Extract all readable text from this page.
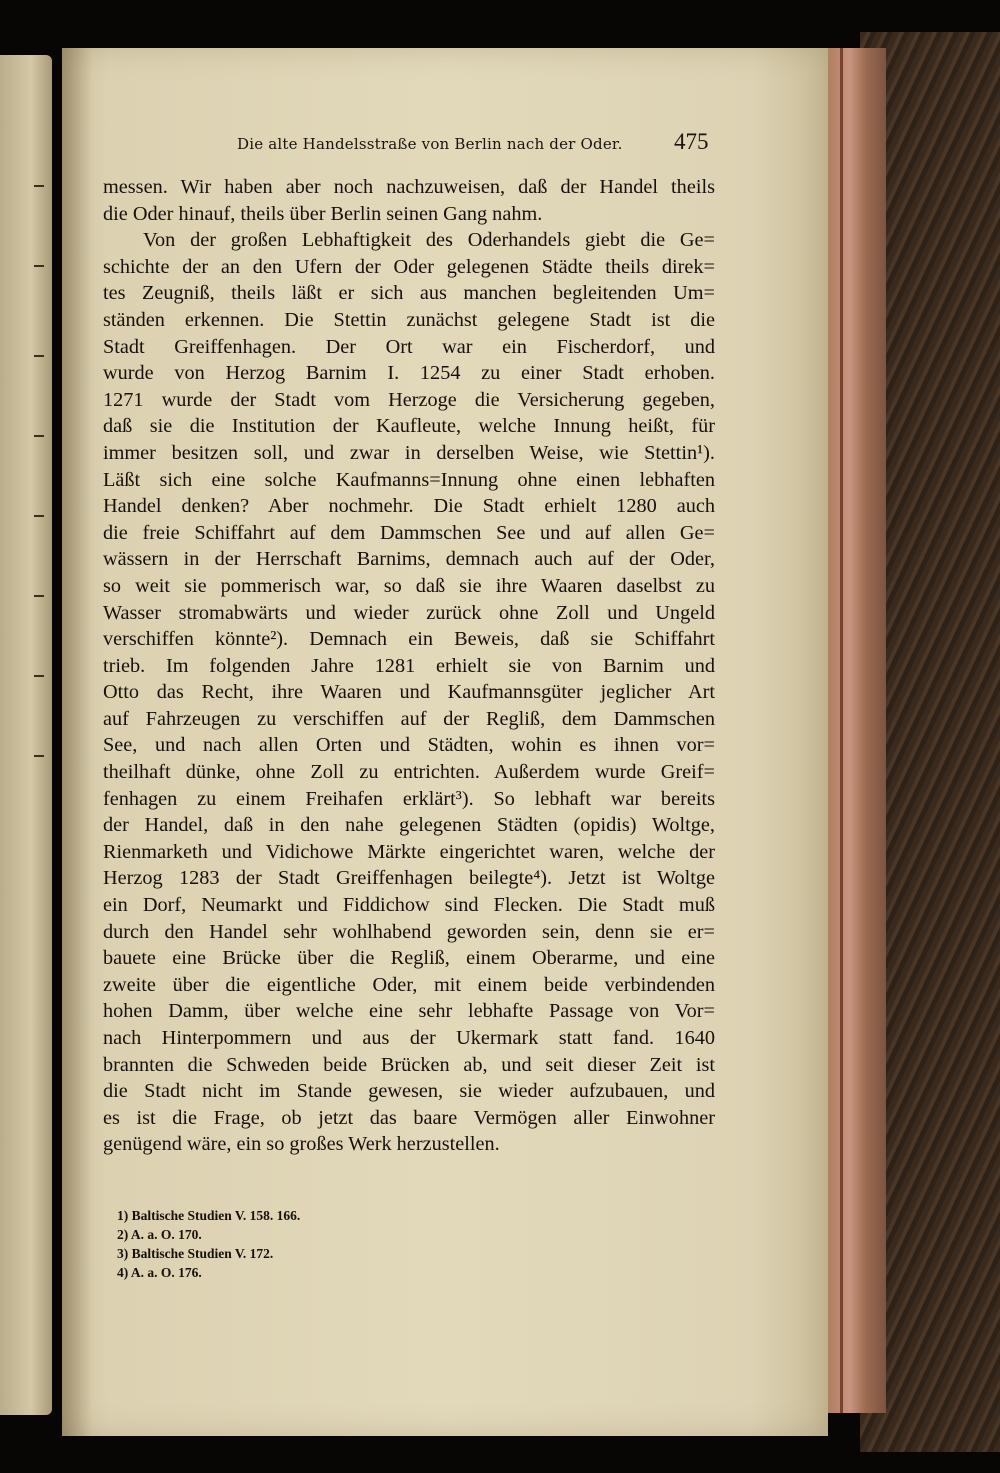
Die alte Handelsstraße von Berlin nach der Oder. 475
messen. Wir haben aber noch nachzuweisen, daß der Handel theils
die Oder hinauf, theils über Berlin seinen Gang nahm.
Von der großen Lebhaftigkeit des Oderhandels giebt die Ge=
schichte der an den Ufern der Oder gelegenen Städte theils direk=
tes Zeugniß, theils läßt er sich aus manchen begleitenden Um=
ständen erkennen. Die Stettin zunächst gelegene Stadt ist die
Stadt Greiffenhagen. Der Ort war ein Fischerdorf, und
wurde von Herzog Barnim I. 1254 zu einer Stadt erhoben.
1271 wurde der Stadt vom Herzoge die Versicherung gegeben,
daß sie die Institution der Kaufleute, welche Innung heißt, für
immer besitzen soll, und zwar in derselben Weise, wie Stettin¹).
Läßt sich eine solche Kaufmanns=Innung ohne einen lebhaften
Handel denken? Aber nochmehr. Die Stadt erhielt 1280 auch
die freie Schiffahrt auf dem Dammschen See und auf allen Ge=
wässern in der Herrschaft Barnims, demnach auch auf der Oder,
so weit sie pommerisch war, so daß sie ihre Waaren daselbst zu
Wasser stromabwärts und wieder zurück ohne Zoll und Ungeld
verschiffen könnte²). Demnach ein Beweis, daß sie Schiffahrt
trieb. Im folgenden Jahre 1281 erhielt sie von Barnim und
Otto das Recht, ihre Waaren und Kaufmannsgüter jeglicher Art
auf Fahrzeugen zu verschiffen auf der Regliß, dem Dammschen
See, und nach allen Orten und Städten, wohin es ihnen vor=
theilhaft dünke, ohne Zoll zu entrichten. Außerdem wurde Greif=
fenhagen zu einem Freihafen erklärt³). So lebhaft war bereits
der Handel, daß in den nahe gelegenen Städten (opidis) Woltge,
Rienmarketh und Vidichowe Märkte eingerichtet waren, welche der
Herzog 1283 der Stadt Greiffenhagen beilegte⁴). Jetzt ist Woltge
ein Dorf, Neumarkt und Fiddichow sind Flecken. Die Stadt muß
durch den Handel sehr wohlhabend geworden sein, denn sie er=
bauete eine Brücke über die Regliß, einem Oberarme, und eine
zweite über die eigentliche Oder, mit einem beide verbindenden
hohen Damm, über welche eine sehr lebhafte Passage von Vor=
nach Hinterpommern und aus der Ukermark statt fand. 1640
brannten die Schweden beide Brücken ab, und seit dieser Zeit ist
die Stadt nicht im Stande gewesen, sie wieder aufzubauen, und
es ist die Frage, ob jetzt das baare Vermögen aller Einwohner
genügend wäre, ein so großes Werk herzustellen.
1) Baltische Studien V. 158. 166.
2) A. a. O. 170.
3) Baltische Studien V. 172.
4) A. a. O. 176.
